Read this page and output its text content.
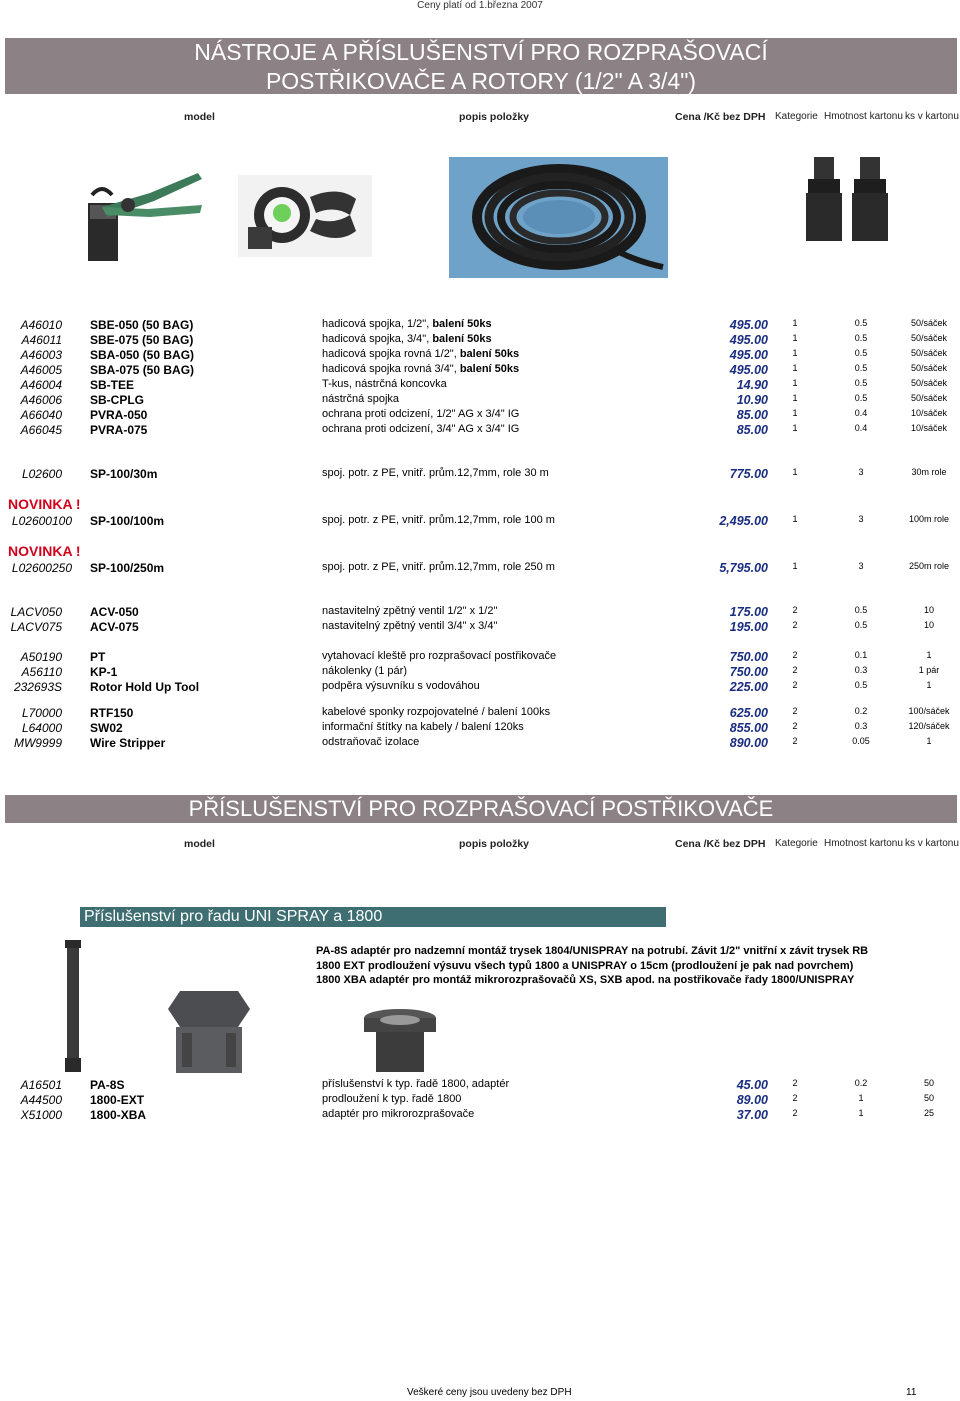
Ceny platí od 1.března 2007
NÁSTROJE A PŘÍSLUŠENSTVÍ PRO ROZPRAŠOVACÍ
POSTŘIKOVAČE A ROTORY (1/2" A 3/4")
model	popis položky	Cena /Kč bez DPH Kategorie Hmotnost kartonu ks v kartonu
A46010 SBE-050 (50 BAG)	hadicová spojka, 1/2", balení 50ks	495.00	1	0.5	50/sáček
A46011 SBE-075 (50 BAG)	hadicová spojka, 3/4", balení 50ks	495.00	1	0.5	50/sáček
A46003 SBA-050 (50 BAG)	hadicová spojka rovná 1/2", balení 50ks	495.00	1	0.5	50/sáček
A46005 SBA-075 (50 BAG)	hadicová spojka rovná 3/4", balení 50ks	495.00	1	0.5	50/sáček
A46004 SB-TEE	T-kus, nástrčná koncovka	14.90	1	0.5	50/sáček
A46006 SB-CPLG	nástrčná spojka	10.90	1	0.5	50/sáček
A66040 PVRA-050	ochrana proti odcizení, 1/2" AG x 3/4" IG	85.00	1	0.4	10/sáček
A66045 PVRA-075	ochrana proti odcizení, 3/4" AG x 3/4" IG	85.00	1	0.4	10/sáček
L02600 SP-100/30m	spoj. potr. z PE, vnitř. prům.12,7mm, role 30 m	775.00	1	3	30m role
NOVINKA !
L02600100 SP-100/100m	spoj. potr. z PE, vnitř. prům.12,7mm, role 100 m	2,495.00	1	3	100m role
NOVINKA !
L02600250 SP-100/250m	spoj. potr. z PE, vnitř. prům.12,7mm, role 250 m	5,795.00	1	3	250m role
LACV050 ACV-050	nastavitelný zpětný ventil 1/2" x 1/2"	175.00	2	0.5	10
LACV075 ACV-075	nastavitelný zpětný ventil 3/4" x 3/4"	195.00	2	0.5	10
A50190 PT	vytahovací kleště pro rozprašovací postřikovače	750.00	2	0.1	1
A56110 KP-1	nákolenky (1 pár)	750.00	2	0.3	1 pár
232693S Rotor Hold Up Tool	podpěra výsuvníku s vodováhou	225.00	2	0.5	1
L70000 RTF150	kabelové sponky rozpojovatelné / balení 100ks	625.00	2	0.2	100/sáček
L64000 SW02	informační štítky na kabely / balení 120ks	855.00	2	0.3	120/sáček
MW9999 Wire Stripper	odstraňovač izolace	890.00	2	0.05	1
PŘÍSLUŠENSTVÍ PRO ROZPRAŠOVACÍ POSTŘIKOVAČE
model	popis položky	Cena /Kč bez DPH Kategorie Hmotnost kartonu ks v kartonu
Příslušenství pro řadu UNI SPRAY a 1800
PA-8S adaptér pro nadzemní montáž trysek 1804/UNISPRAY na potrubí. Závit 1/2" vnitřní x závit trysek RB
1800 EXT prodloužení výsuvu všech typů 1800 a UNISPRAY o 15cm (prodloužení je pak nad povrchem)
1800 XBA adaptér pro montáž mikrorozprašovačů XS, SXB apod. na postřikovače řady 1800/UNISPRAY
A16501 PA-8S	příslušenství k typ. řadě 1800, adaptér	45.00	2	0.2	50
A44500 1800-EXT	prodloužení k typ. řadě 1800	89.00	2	1	50
X51000 1800-XBA	adaptér pro mikrorozprašovače	37.00	2	1	25
Veškeré ceny jsou uvedeny bez DPH	11
